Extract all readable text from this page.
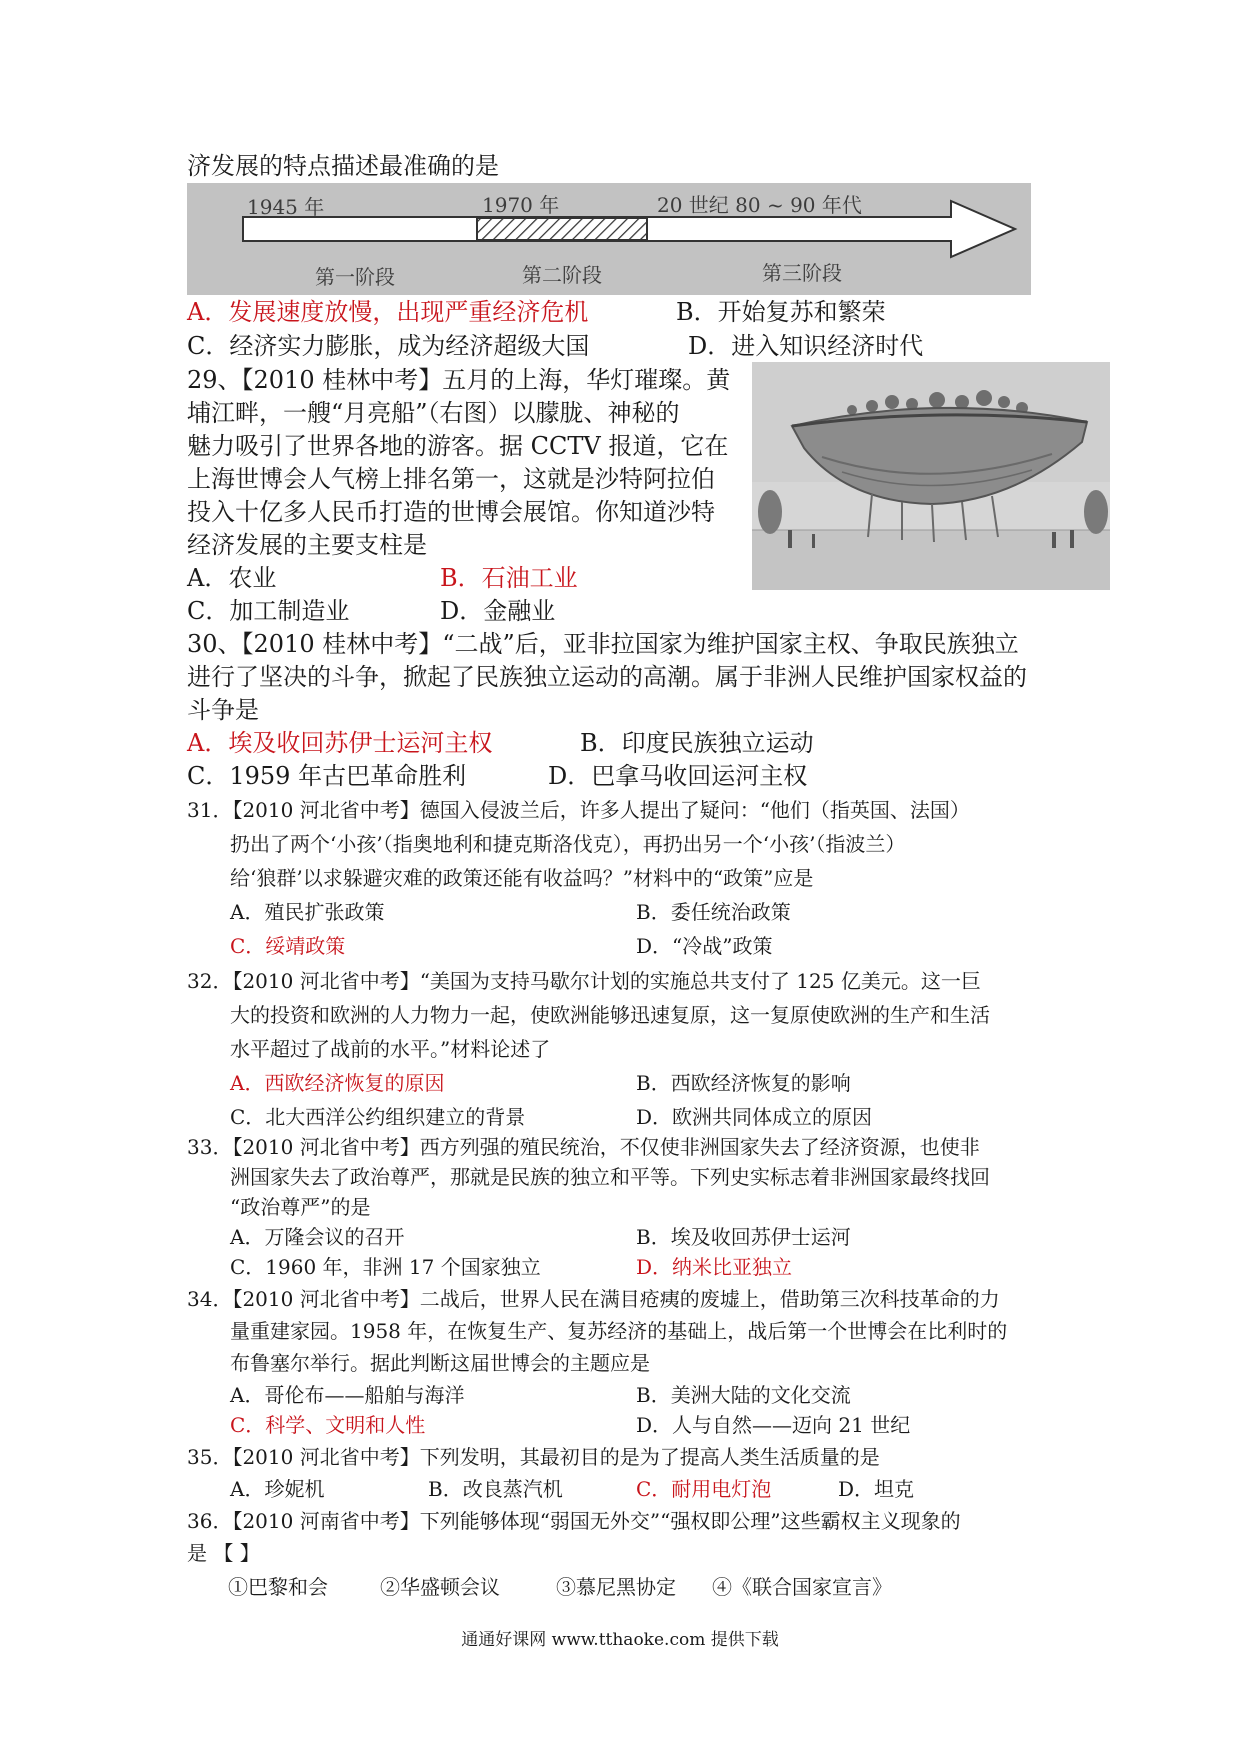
济发展的特点描述最准确的是
1945 年	1970 年	20 世纪 80 ~ 90 年代
第一阶段	第二阶段	第三阶段
A．发展速度放慢，出现严重经济危机	B．开始复苏和繁荣
C．经济实力膨胀，成为经济超级大国	D．进入知识经济时代
29、【2010 桂林中考】五月的上海，华灯璀璨。黄
埔江畔，一艘“月亮船”（右图）以朦胧、神秘的
魅力吸引了世界各地的游客。据 CCTV 报道，它在
上海世博会人气榜上排名第一，这就是沙特阿拉伯
投入十亿多人民币打造的世博会展馆。你知道沙特
经济发展的主要支柱是
A．农业	B．石油工业
C．加工制造业	D．金融业
30、【2010 桂林中考】“二战”后，亚非拉国家为维护国家主权、争取民族独立
进行了坚决的斗争，掀起了民族独立运动的高潮。属于非洲人民维护国家权益的
斗争是
A．埃及收回苏伊士运河主权	B．印度民族独立运动
C．1959 年古巴革命胜利	D．巴拿马收回运河主权
31．【2010 河北省中考】德国入侵波兰后，许多人提出了疑问：“他们（指英国、法国）
扔出了两个‘小孩’（指奥地利和捷克斯洛伐克），再扔出另一个‘小孩’（指波兰）
给‘狼群’以求躲避灾难的政策还能有收益吗？”材料中的“政策”应是
A．殖民扩张政策	B．委任统治政策
C．绥靖政策	D．“冷战”政策
32．【2010 河北省中考】“美国为支持马歇尔计划的实施总共支付了 125 亿美元。这一巨
大的投资和欧洲的人力物力一起，使欧洲能够迅速复原，这一复原使欧洲的生产和生活
水平超过了战前的水平。”材料论述了
A．西欧经济恢复的原因	B．西欧经济恢复的影响
C．北大西洋公约组织建立的背景	D．欧洲共同体成立的原因
33．【2010 河北省中考】西方列强的殖民统治，不仅使非洲国家失去了经济资源，也使非
洲国家失去了政治尊严，那就是民族的独立和平等。下列史实标志着非洲国家最终找回
“政治尊严”的是
A．万隆会议的召开	B．埃及收回苏伊士运河
C．1960 年，非洲 17 个国家独立	D．纳米比亚独立
34．【2010 河北省中考】二战后，世界人民在满目疮痍的废墟上，借助第三次科技革命的力
量重建家园。1958 年，在恢复生产、复苏经济的基础上，战后第一个世博会在比利时的
布鲁塞尔举行。据此判断这届世博会的主题应是
A．哥伦布——船舶与海洋	B．美洲大陆的文化交流
C．科学、文明和人性	D．人与自然——迈向 21 世纪
35．【2010 河北省中考】下列发明，其最初目的是为了提高人类生活质量的是
A．珍妮机	B．改良蒸汽机	C．耐用电灯泡	D．坦克
36．【2010 河南省中考】下列能够体现“弱国无外交”“强权即公理”这些霸权主义现象的
是 【 】
①巴黎和会	②华盛顿会议	③慕尼黑协定 ④《联合国家宣言》
通通好课网 www.tthaoke.com 提供下载
